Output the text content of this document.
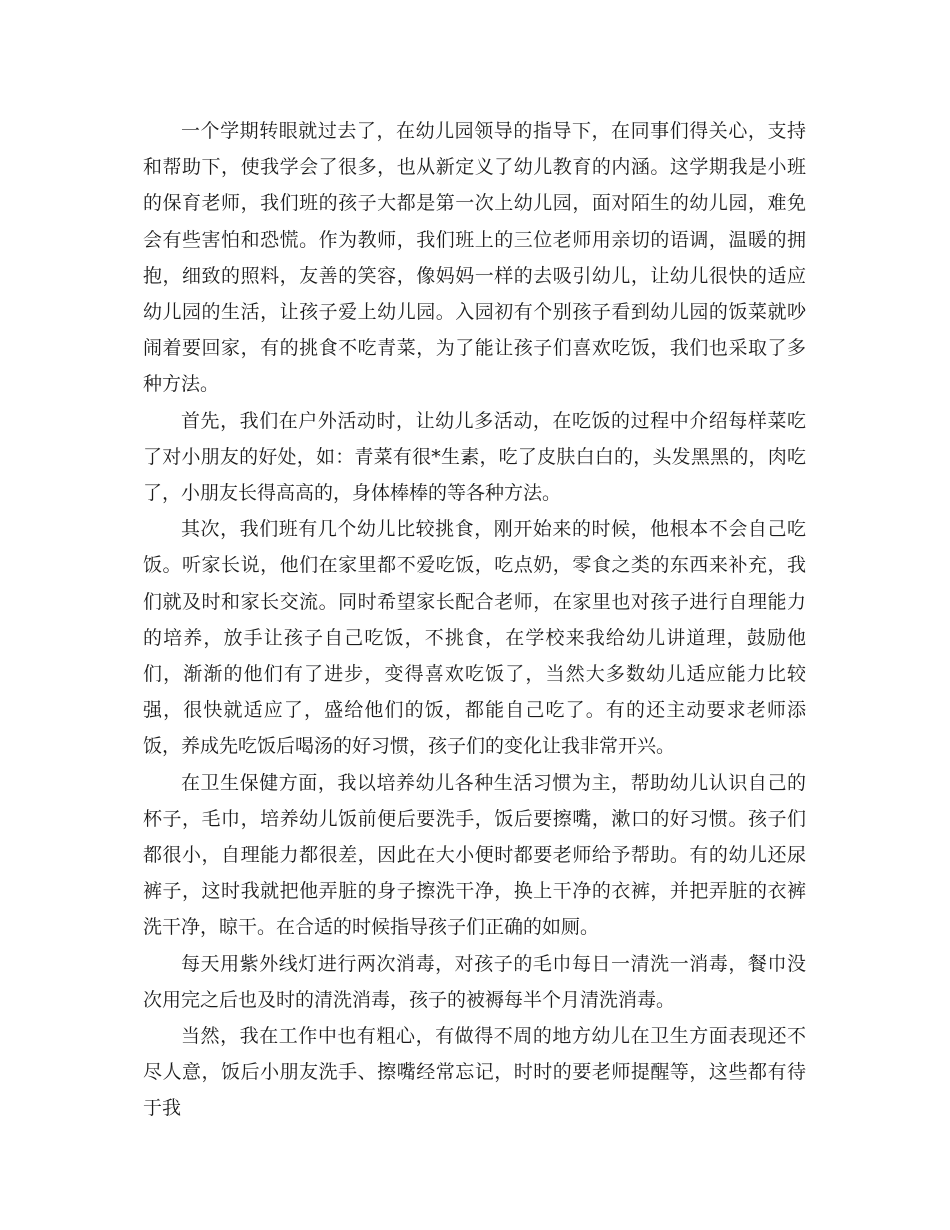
一个学期转眼就过去了，在幼儿园领导的指导下，在同事们得关心，支持和帮助下，使我学会了很多，也从新定义了幼儿教育的内涵。这学期我是小班的保育老师，我们班的孩子大都是第一次上幼儿园，面对陌生的幼儿园，难免会有些害怕和恐慌。作为教师，我们班上的三位老师用亲切的语调，温暖的拥抱，细致的照料，友善的笑容，像妈妈一样的去吸引幼儿，让幼儿很快的适应幼儿园的生活，让孩子爱上幼儿园。入园初有个别孩子看到幼儿园的饭菜就吵闹着要回家，有的挑食不吃青菜，为了能让孩子们喜欢吃饭，我们也采取了多种方法。

首先，我们在户外活动时，让幼儿多活动，在吃饭的过程中介绍每样菜吃了对小朋友的好处，如：青菜有很*生素，吃了皮肤白白的，头发黑黑的，肉吃了，小朋友长得高高的，身体棒棒的等各种方法。

其次，我们班有几个幼儿比较挑食，刚开始来的时候，他根本不会自己吃饭。听家长说，他们在家里都不爱吃饭，吃点奶，零食之类的东西来补充，我们就及时和家长交流。同时希望家长配合老师，在家里也对孩子进行自理能力的培养，放手让孩子自己吃饭，不挑食，在学校来我给幼儿讲道理，鼓励他们，渐渐的他们有了进步，变得喜欢吃饭了，当然大多数幼儿适应能力比较强，很快就适应了，盛给他们的饭，都能自己吃了。有的还主动要求老师添饭，养成先吃饭后喝汤的好习惯，孩子们的变化让我非常开兴。

在卫生保健方面，我以培养幼儿各种生活习惯为主，帮助幼儿认识自己的杯子，毛巾，培养幼儿饭前便后要洗手，饭后要擦嘴，漱口的好习惯。孩子们都很小，自理能力都很差，因此在大小便时都要老师给予帮助。有的幼儿还尿裤子，这时我就把他弄脏的身子擦洗干净，换上干净的衣裤，并把弄脏的衣裤洗干净，晾干。在合适的时候指导孩子们正确的如厕。

每天用紫外线灯进行两次消毒，对孩子的毛巾每日一清洗一消毒，餐巾没次用完之后也及时的清洗消毒，孩子的被褥每半个月清洗消毒。

当然，我在工作中也有粗心，有做得不周的地方幼儿在卫生方面表现还不尽人意，饭后小朋友洗手、擦嘴经常忘记，时时的要老师提醒等，这些都有待于我
